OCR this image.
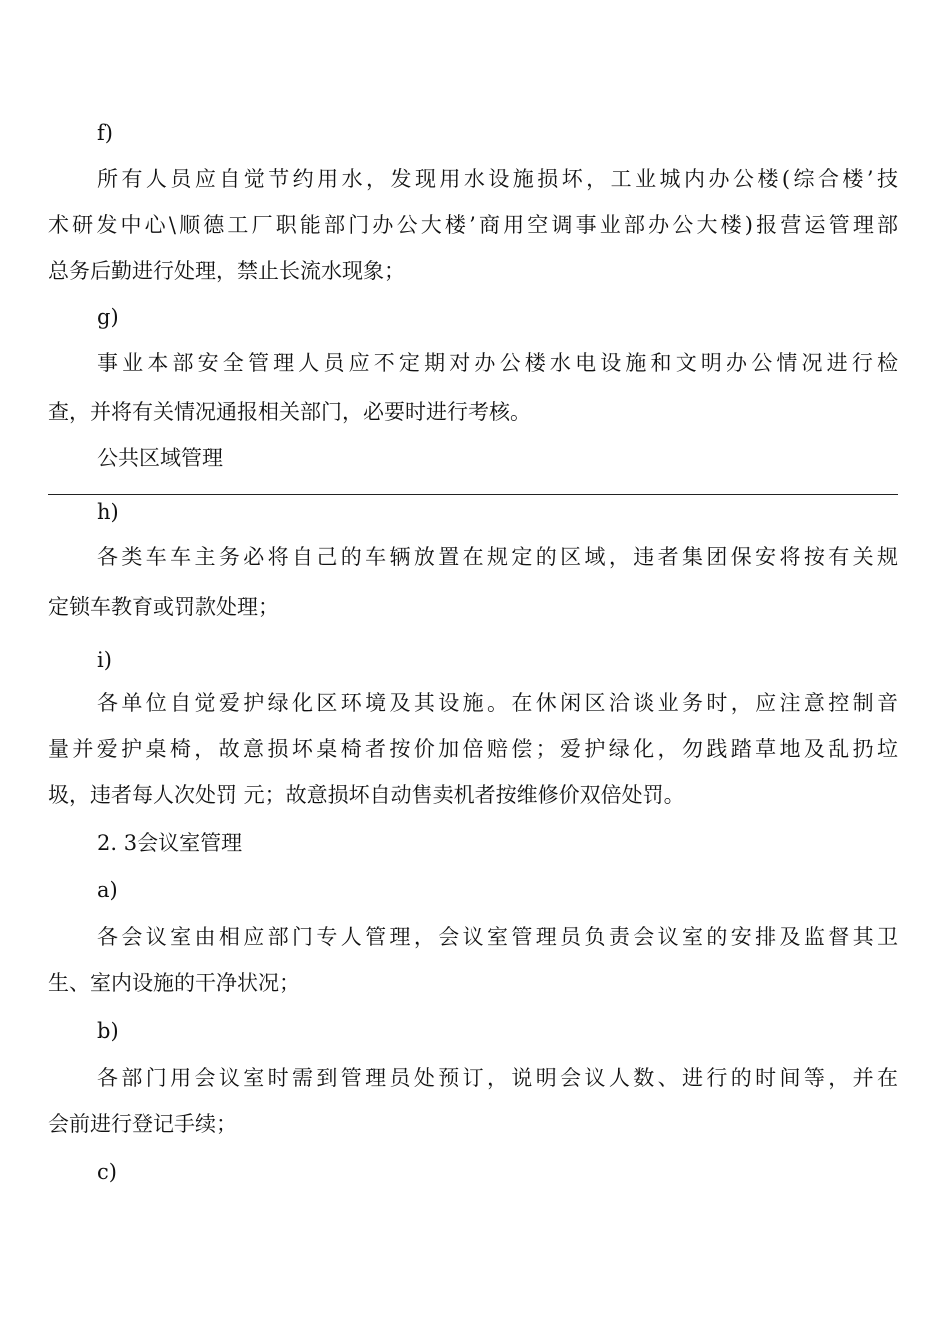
f)
所有人员应自觉节约用水，发现用水设施损坏，工业城内办公楼(综合楼’技
术研发中心\顺德工厂职能部门办公大楼’商用空调事业部办公大楼)报营运管理部
总务后勤进行处理，禁止长流水现象；
g)
事业本部安全管理人员应不定期对办公楼水电设施和文明办公情况进行检
查，并将有关情况通报相关部门，必要时进行考核。
公共区域管理
h)
各类车车主务必将自己的车辆放置在规定的区域，违者集团保安将按有关规
定锁车教育或罚款处理；
i)
各单位自觉爱护绿化区环境及其设施。在休闲区洽谈业务时，应注意控制音
量并爱护桌椅，故意损坏桌椅者按价加倍赔偿；爱护绿化，勿践踏草地及乱扔垃
圾，违者每人次处罚 元；故意损坏自动售卖机者按维修价双倍处罚。
2. 3会议室管理
a)
各会议室由相应部门专人管理，会议室管理员负责会议室的安排及监督其卫
生、室内设施的干净状况；
b)
各部门用会议室时需到管理员处预订，说明会议人数、进行的时间等，并在
会前进行登记手续；
c)
